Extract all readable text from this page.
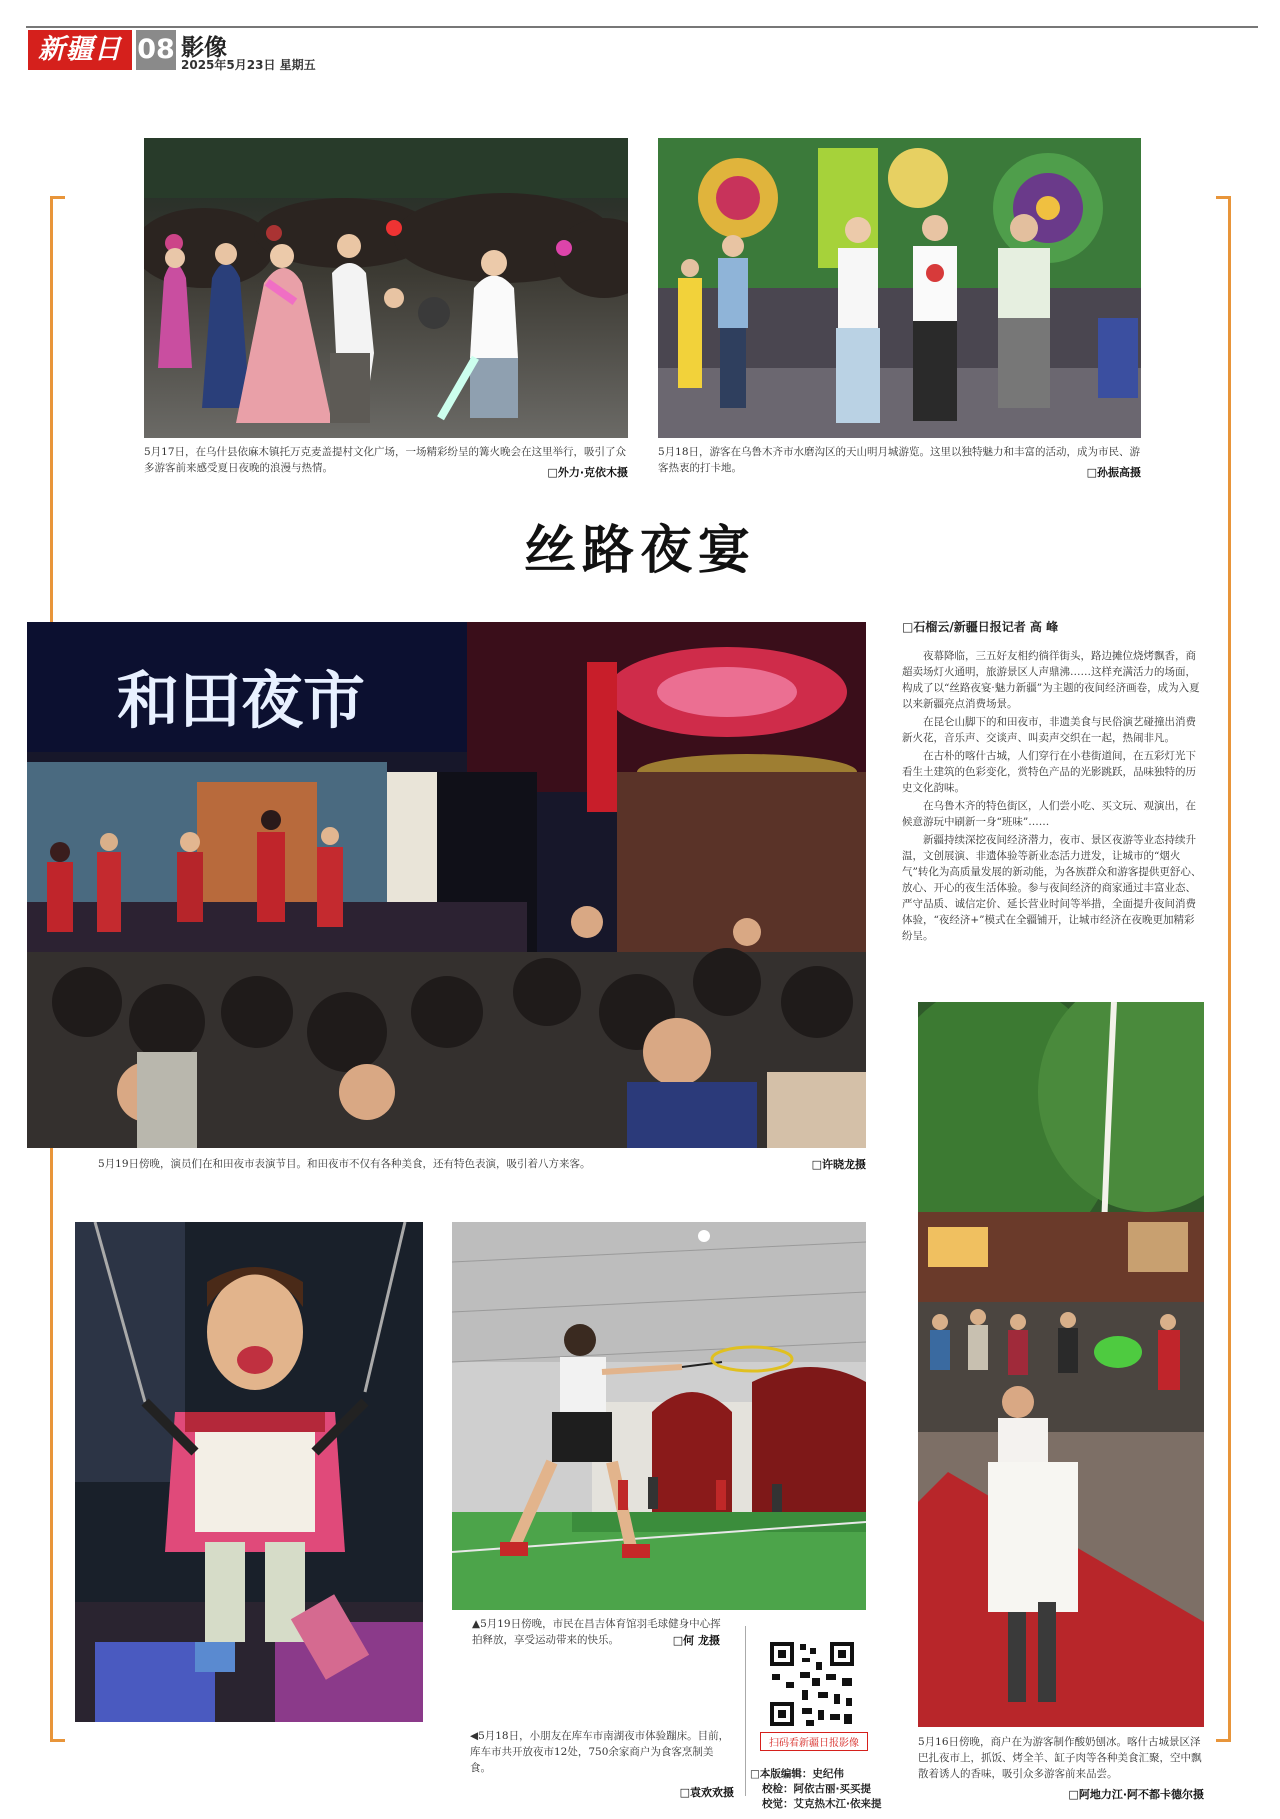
新疆日報
08 影像
2025年5月23日 星期五
5月17日，在乌什县依麻木镇托万克麦盖提村文化广场，一场精彩纷呈的篝火晚会在这里举行，吸引了众多游客前来感受夏日夜晚的浪漫与热情。	□外力·克依木摄
5月18日，游客在乌鲁木齐市水磨沟区的天山明月城游览。这里以独特魅力和丰富的活动，成为市民、游客热衷的打卡地。	□孙振高摄
丝路夜宴
和田夜市
5月19日傍晚，演员们在和田夜市表演节目。和田夜市不仅有各种美食，还有特色表演，吸引着八方来客。	□许晓龙摄
□石榴云/新疆日报记者 高 峰

夜幕降临，三五好友相约徜徉街头，路边摊位烧烤飘香，商超卖场灯火通明，旅游景区人声鼎沸……这样充满活力的场面，构成了以“丝路夜宴·魅力新疆”为主题的夜间经济画卷，成为入夏以来新疆亮点消费场景。

在昆仑山脚下的和田夜市，非遗美食与民俗演艺碰撞出消费新火花，音乐声、交谈声、叫卖声交织在一起，热闹非凡。

在古朴的喀什古城，人们穿行在小巷街道间，在五彩灯光下看生土建筑的色彩变化，赏特色产品的光影跳跃，品味独特的历史文化韵味。

在乌鲁木齐的特色街区，人们尝小吃、买文玩、观演出，在候意游玩中刷新一身“班味”……

新疆持续深挖夜间经济潜力，夜市、景区夜游等业态持续升温，文创展演、非遗体验等新业态活力迸发，让城市的“烟火气”转化为高质量发展的新动能，为各族群众和游客提供更舒心、放心、开心的夜生活体验。参与夜间经济的商家通过丰富业态、严守品质、诚信定价、延长营业时间等举措，全面提升夜间消费体验，“夜经济+”模式在全疆铺开，让城市经济在夜晚更加精彩纷呈。

5月16日傍晚，商户在为游客制作酸奶刨冰。喀什古城景区泽巴扎夜市上，抓饭、烤全羊、缸子肉等各种美食汇聚，空中飘散着诱人的香味，吸引众多游客前来品尝。
□阿地力江·阿不都卡德尔摄
◀5月18日，小朋友在库车市南湖夜市体验蹦床。目前，库车市共开放夜市12处，750余家商户为食客烹制美食。
□袁欢欢摄
▲5月19日傍晚，市民在昌吉体育馆羽毛球健身中心挥拍释放，享受运动带来的快乐。	□何 龙摄
扫码看新疆日报影像
□本版编辑：史纪伟
校检：阿依古丽·买买提
校觉：艾克热木江·依来提
